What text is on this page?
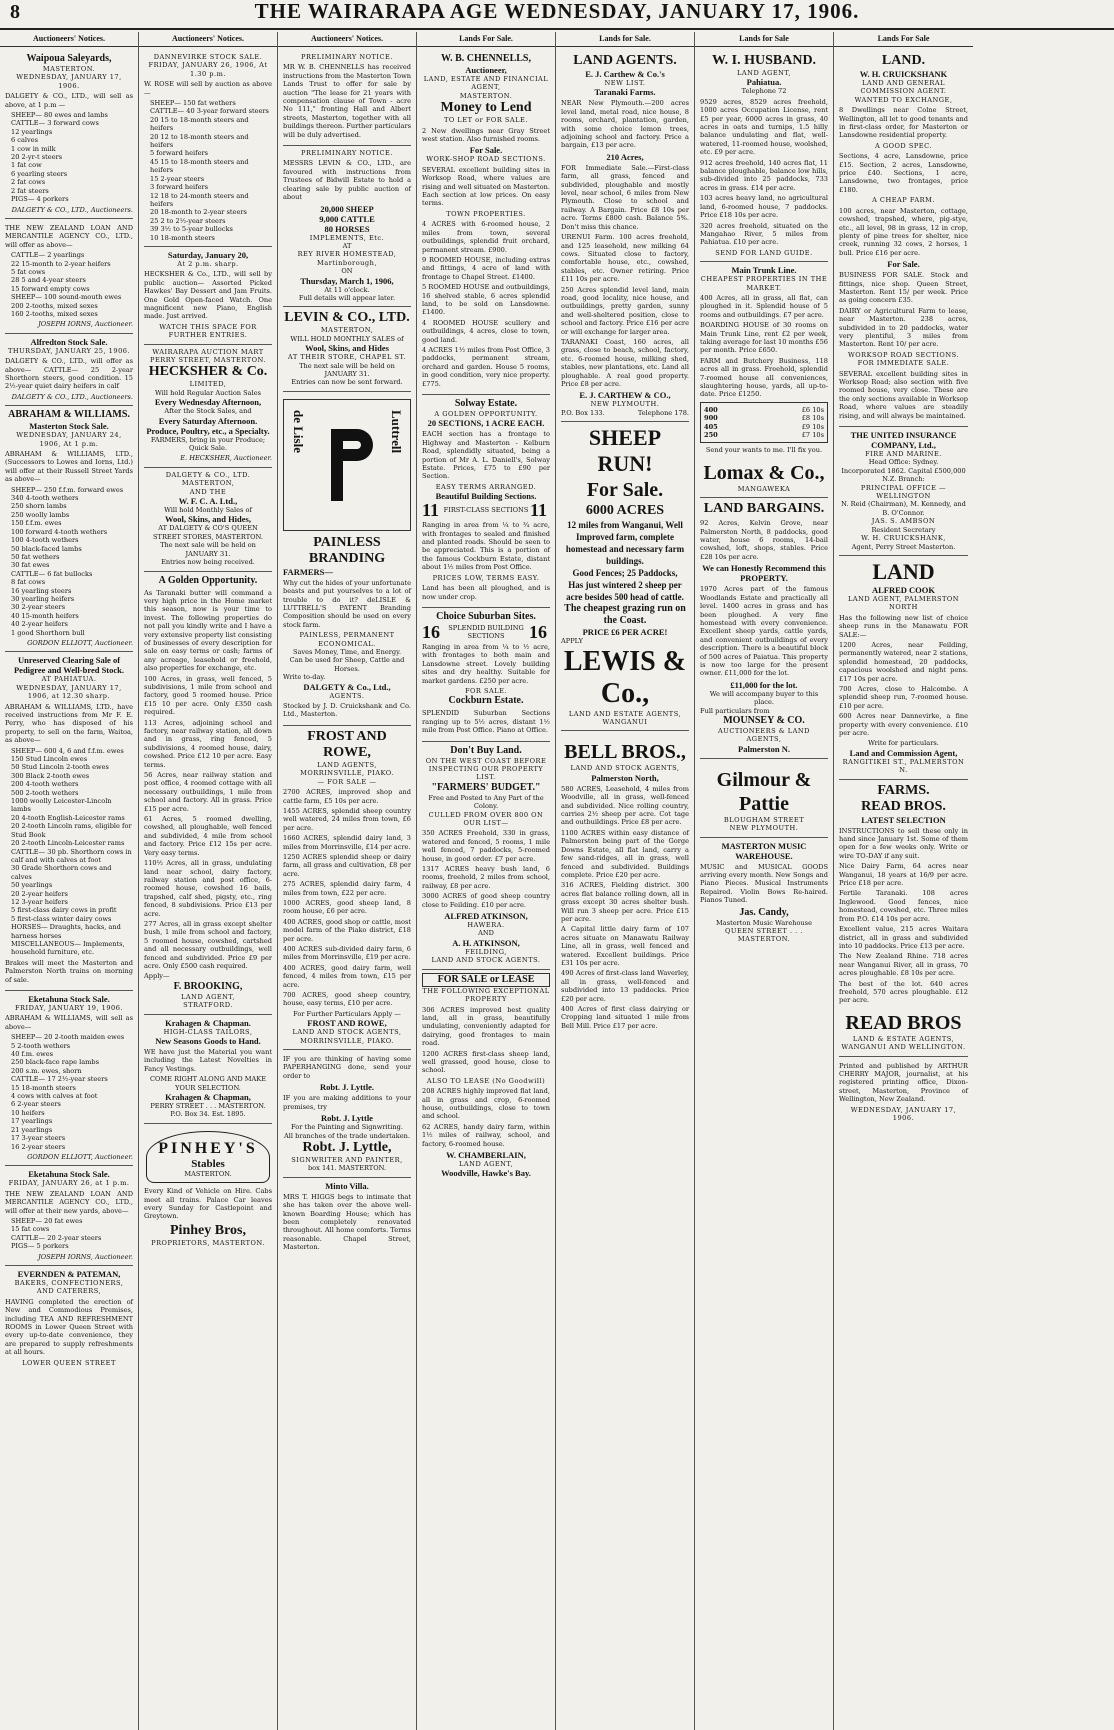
8	THE WAIRARAPA AGE WEDNESDAY, JANUARY 17, 1906.
Auctioneers' Notices.
Waipoua Saleyards,
MASTERTON.
WEDNESDAY, JANUARY 17, 1906.
DALGETY & CO., LTD., will sell as above, at 1 p.m —
SHEEP— 80 ewes and lambs
CATTLE— 3 forward cows
12 yearlings
6 calves
1 cow in milk
20 2-yr-t steers
1 fat cow
6 yearling steers
2 fat cows
2 fat steers
PIGS— 4 porkers
DALGETY & CO., LTD., Auctioneers.
THE NEW ZEALAND LOAN AND MERCANTILE AGENCY CO., LTD., will offer as above—
CATTLE— 2 yearlings
22 15-month to 2-year heifers
5 fat cows
28 5 and 4-year steers
15 forward empty cows
SHEEP— 100 sound-mouth ewes
200 2-tooths, mixed sexes
160 2-tooths, mixed sexes
JOSEPH IORNS, Auctioneer.
Alfredton Stock Sale.
THURSDAY, JANUARY 25, 1906.
DALGETY & CO., LTD., will offer as above— CATTLE— 25 2-year Shorthorn steers, good condition. 15 2½-year quiet dairy heifers in calf
DALGETY & CO., LTD., Auctioneers.
ABRAHAM & WILLIAMS.
Masterton Stock Sale.
WEDNESDAY, JANUARY 24, 1906, At 1 p.m.
ABRAHAM & WILLIAMS, LTD., (Successors to Lowes and Iorns, Ltd.) will offer at their Russell Street Yards as above—
SHEEP— 250 f.f.m. forward ewes
340 4-tooth wethers
250 shorn lambs
250 woolly lambs
150 f.f.m. ewes
100 forward 4-tooth wethers
100 4-tooth wethers
50 black-faced lambs
50 fat wethers
30 fat ewes
CATTLE— 6 fat bullocks
8 fat cows
16 yearling steers
30 yearling heifers
30 2-year steers
40 15-month heifers
40 2-year heifers
1 good Shorthorn bull
GORDON ELLIOTT, Auctioneer.
Unreserved Clearing Sale of Pedigree and Well-bred Stock.
AT PAHIATUA.
WEDNESDAY, JANUARY 17, 1906, at 12.30 sharp.
ABRAHAM & WILLIAMS, LTD., have received instructions from Mr F. E. Perry, who has disposed of his property, to sell on the farm, Waitoa, as above—
SHEEP— 600 4, 6 and f.f.m. ewes
150 Stud Lincoln ewes
50 Stud Lincoln 2-tooth ewes
300 Black 2-tooth ewes
200 4-tooth wethers
500 2-tooth wethers
1000 woolly Leicester-Lincoln lambs
20 4-tooth English-Leicester rams
20 2-tooth Lincoln rams, eligible for Stud Book
20 2-tooth Lincoln-Leicester rams
CATTLE— 30 pb. Shorthorn cows in calf and with calves at foot
30 Grade Shorthorn cows and calves
50 yearlings
20 2-year heifers
12 3-year heifers
5 first-class dairy cows in profit
5 first-class winter dairy cows
HORSES— Draughts, hacks, and harness horses
MISCELLANEOUS— Implements, household furniture, etc.
Brakes will meet the Masterton and Palmerston North trains on morning of sale.
Eketahuna Stock Sale.
FRIDAY, JANUARY 19, 1906.
ABRAHAM & WILLIAMS, will sell as above—
SHEEP— 20 2-tooth maiden ewes
5 2-tooth wethers
40 f.m. ewes
250 black-face rape lambs
200 s.m. ewes, shorn
CATTLE— 17 2½-year steers
15 18-month steers
4 cows with calves at foot
6 2-year steers
10 heifers
17 yearlings
21 yearlings
17 3-year steers
16 2-year steers
GORDON ELLIOTT, Auctioneer.
Eketahuna Stock Sale.
FRIDAY, JANUARY 26, at 1 p.m.
THE NEW ZEALAND LOAN AND MERCANTILE AGENCY CO., LTD., will offer at their new yards, above—
SHEEP— 20 fat ewes
15 fat cows
CATTLE— 20 2-year steers
PIGS— 5 porkers
JOSEPH IORNS, Auctioneer.
EVERNDEN & PATEMAN,
BAKERS, CONFECTIONERS, AND CATERERS,
HAVING completed the erection of New and Commodious Premises, including TEA AND REFRESHMENT ROOMS in Lower Queen Street with every up-to-date convenience, they are prepared to supply refreshments at all hours.
LOWER QUEEN STREET
Auctioneers' Notices.
DANNEVIRKE STOCK SALE.
FRIDAY, JANUARY 26, 1906, At 1.30 p.m.
W. ROSE will sell by auction as above—
SHEEP— 150 fat wethers
CATTLE— 40 3-year forward steers
20 15 to 18-month steers and heifers
20 12 to 18-month steers and heifers
5 forward heifers
45 15 to 18-month steers and heifers
15 2-year steers
3 forward heifers
12 18 to 24-month steers and heifers
20 18-month to 2-year steers
25 2 to 2½-year steers
39 3½ to 5-year bullocks
10 18-month steers
Saturday, January 20,
At 2 p.m. sharp.
HECKSHER & Co., LTD., will sell by public auction— Assorted Picked Hawkes' Bay Dessert and Jam Fruits. One Gold Open-faced Watch. One magnificent new Piano, English made. Just arrived.
WATCH THIS SPACE FOR FURTHER ENTRIES.
WAIRARAPA AUCTION MART
PERRY STREET, MASTERTON.
HECKSHER & Co.
LIMITED,
Will hold Regular Auction Sales
Every Wednesday Afternoon,
After the Stock Sales, and
Every Saturday Afternoon.
Produce, Poultry, etc., a Specialty.
FARMERS, bring in your Produce; Quick Sale.
E. HECKSHER, Auctioneer.
DALGETY & CO., LTD. MASTERTON,
AND THE
W. F. C. A. Ltd.,
Will hold Monthly Sales of
Wool, Skins, and Hides,
AT DALGETY & CO'S QUEEN STREET STORES, MASTERTON.
The next sale will be held on JANUARY 31.
Entries now being received.
A Golden Opportunity.
As Taranaki butter will command a very high price in the Home market this season, now is your time to invest. The following properties do not pall you kindly write and I have a very extensive property list consisting of businesses of every description for sale on easy terms or cash; farms of any acreage, leasehold or freehold, also properties for exchange, etc.
100 Acres, in grass, well fenced, 5 subdivisions, 1 mile from school and factory, good 5 roomed house. Price £15 10 per acre. Only £350 cash required.
113 Acres, adjoining school and factory, near railway station, all down and in grass, ring fenced, 5 subdivisions, 4 roomed house, dairy, cowshed. Price £12 10 per acre. Easy terms.
56 Acres, near railway station and post office, 4 roomed cottage with all necessary outbuildings, 1 mile from school and factory. All in grass. Price £15 per acre.
61 Acres, 5 roomed dwelling, cowshed, all ploughable, well fenced and subdivided, 4 mile from school and factory. Price £12 15s per acre. Very easy terms.
110½ Acres, all in grass, undulating land near school, dairy factory, railway station and post office, 6-roomed house, cowshed 16 bails, trapshed, calf shed, pigsty, etc., ring fenced, 8 subdivisions. Price £13 per acre.
277 Acres, all in grass except shelter bush, 1 mile from school and factory, 5 roomed house, cowshed, cartshed and all necessary outbuildings, well fenced and subdivided. Price £9 per acre. Only £500 cash required.
Apply—
F. BROOKING,
LAND AGENT,
STRATFORD.
Krahagen & Chapman.
HIGH-CLASS TAILORS,
New Seasons Goods to Hand.
WE have just the Material you want including the Latest Novelties in Fancy Vestings.
COME RIGHT ALONG AND MAKE YOUR SELECTION.
Krahagen & Chapman,
PERRY STREET . . . MASTERTON.
P.O. Box 34. Est. 1895.
PINHEY'S
Stables
MASTERTON.
Every Kind of Vehicle on Hire. Cabs meet all trains. Palace Car leaves every Sunday for Castlepoint and Greytown.
Pinhey Bros,
PROPRIETORS, MASTERTON.
Auctioneers' Notices.
PRELIMINARY NOTICE.
MR W. B. CHENNELLS has received instructions from the Masterton Town Lands Trust to offer for sale by auction "The lease for 21 years with compensation clause of Town - acre No 111," fronting Hall and Albert streets, Masterton, together with all buildings thereon. Further particulars will be duly advertised.
PRELIMINARY NOTICE.
MESSRS LEVIN & CO., LTD., are favoured with instructions from Trustees of Bidwill Estate to hold a clearing sale by public auction of about
20,000 SHEEP
9,000 CATTLE
80 HORSES
IMPLEMENTS, Etc.
AT
REY RIVER HOMESTEAD, Martinborough,
ON
Thursday, March 1, 1906,
At 11 o'clock.
Full details will appear later.
LEVIN & CO., LTD.
MASTERTON,
WILL HOLD MONTHLY SALES of
Wool, Skins, and Hides
AT THEIR STORE, CHAPEL ST.
The next sale will be held on JANUARY 31.
Entries can now be sent forward.
de Lisle	Luttrell
PAINLESS BRANDING
FARMERS—
Why cut the hides of your unfortunate beasts and put yourselves to a lot of trouble to do it? deLISLE & LUTTRELL'S PATENT Branding Composition should be used on every stock farm.
PAINLESS, PERMANENT ECONOMICAL.
Saves Money, Time, and Energy.
Can be used for Sheep, Cattle and Horses.
Write to-day.
DALGETY & Co., Ltd.,
AGENTS.
Stocked by J. D. Cruickshank and Co. Ltd., Masterton.
FROST AND ROWE,
LAND AGENTS,
MORRINSVILLE, PIAKO.
— FOR SALE —
2700 ACRES, improved shop and cattle farm, £5 10s per acre.
1455 ACRES, splendid sheep country well watered, 24 miles from town, £6 per acre.
1660 ACRES, splendid dairy land, 3 miles from Morrinsville, £14 per acre.
1250 ACRES splendid sheep or dairy farm, all grass and cultivation, £8 per acre.
275 ACRES, splendid dairy farm, 4 miles from town, £22 per acre.
1000 ACRES, good sheep land, 8 room house, £6 per acre.
400 ACRES, good shop or cattle, most model farm of the Piako district, £18 per acre.
400 ACRES sub-divided dairy farm, 6 miles from Morrinsville, £19 per acre.
400 ACRES, good dairy farm, well fenced, 4 miles from town, £15 per acre.
700 ACRES, good sheep country, house, easy terms, £10 per acre.
For Further Particulars Apply —
FROST AND ROWE,
LAND AND STOCK AGENTS,
MORRINSVILLE, PIAKO.
IF you are thinking of having some PAPERHANGING done, send your order to
Robt. J. Lyttle.
IF you are making additions to your premises, try
Robt. J. Lyttle
For the Painting and Signwriting.
All branches of the trade undertaken.
Robt. J. Lyttle,
SIGNWRITER AND PAINTER,
box 141. MASTERTON.
Minto Villa.
MRS T. HIGGS begs to intimate that she has taken over the above well-known Boarding House; which has been completely renovated throughout. All home comforts. Terms reasonable. Chapel Street, Masterton.
Lands For Sale.
W. B. CHENNELLS,
Auctioneer,
LAND, ESTATE AND FINANCIAL AGENT,
MASTERTON.
Money to Lend
TO LET or FOR SALE.
2 New dwellings near Gray Street west station. Also furnished rooms.
For Sale.
WORK-SHOP ROAD SECTIONS.
SEVERAL excellent building sites in Worksop Road, where values are rising and well situated on Masterton. Each section at low prices. On easy terms.
TOWN PROPERTIES.
4 ACRES with 6-roomed house, 2 miles from town, several outbuildings, splendid fruit orchard, permanent stream. £900.
9 ROOMED HOUSE, including extras and fittings, 4 acre of land with frontage to Chapel Street. £1400.
5 ROOMED HOUSE and outbuildings, 16 shelved stable, 6 acres splendid land, to be sold on Lansdowne. £1400.
4 ROOMED HOUSE scullery and outbuildings, 4 acres, close to town, good land.
4 ACRES 1½ miles from Post Office, 3 paddocks, permanent stream, orchard and garden. House 5 rooms, in good condition, very nice property. £775.
Solway Estate.
A GOLDEN OPPORTUNITY.
20 SECTIONS, 1 ACRE EACH.
EACH section has a frontage to Highway and Masterton - Kelburn Road, splendidly situated, being a portion of Mr A. L. Daniell's, Solway Estate. Prices, £75 to £90 per Section.
EASY TERMS ARRANGED.
Beautiful Building Sections.
11 FIRST-CLASS SECTIONS 11
Ranging in area from ¼ to ¾ acre, with frontages to sealed and finished and planted roads. Should be seen to be appreciated. This is a portion of the famous Cockburn Estate, distant about 1½ miles from Post Office.
PRICES LOW, TERMS EASY.
Land has been all ploughed, and is now under crop.
Choice Suburban Sites.
16	SPLENDID BUILDING SECTIONS	16
Ranging in area from ¼ to ½ acre, with frontages to both main and Lansdowne street. Lovely building sites and dry healthy. Suitable for market gardens. £250 per acre.
FOR SALE.
Cockburn Estate.
SPLENDID Suburban Sections ranging up to 5½ acres, distant 1½ mile from Post Office. Piano at Office.
Don't Buy Land.
ON THE WEST COAST BEFORE INSPECTING OUR PROPERTY LIST.
"FARMERS' BUDGET."
Free and Posted to Any Part of the Colony.
CULLED FROM OVER 800 ON OUR LIST—
350 ACRES Freehold, 330 in grass, watered and fenced, 5 rooms, 1 mile well fenced, 7 paddocks, 5-roomed house, in good order. £7 per acre.
1317 ACRES heavy bush land, 6 rooms, freehold, 2 miles from school, railway, £8 per acre.
3000 ACRES of good sheep country close to Feilding. £10 per acre.
ALFRED ATKINSON,
HAWERA.
AND
A. H. ATKINSON,
FEILDING,
LAND AND STOCK AGENTS.
FOR SALE or LEASE
THE FOLLOWING EXCEPTIONAL PROPERTY
306 ACRES improved best quality land, all in grass, beautifully undulating, conveniently adapted for dairying, good frontages to main road.
1200 ACRES first-class sheep land, well grassed, good house, close to school.
ALSO TO LEASE (No Goodwill)
208 ACRES highly improved flat land, all in grass and crop, 6-roomed house, outbuildings, close to town and school.
62 ACRES, handy dairy farm, within 1½ miles of railway, school, and factory, 6-roomed house.
W. CHAMBERLAIN,
LAND AGENT,
Woodville, Hawke's Bay.
Lands for Sale.
LAND AGENTS.
E. J. Carthew & Co.'s
NEW LIST.
Taranaki Farms.
NEAR New Plymouth.—200 acres level land, metal road, nice house, 8 rooms, orchard, plantation, garden, with some choice lemon trees, adjoining school and factory. Price a bargain, £13 per acre.
210 Acres,
FOR Immediate Sale.—First-class farm, all grass, fenced and subdivided, ploughable and mostly level, near school, 6 miles from New Plymouth. Close to school and railway. A Bargain. Price £8 10s per acre. Terms £800 cash. Balance 5%. Don't miss this chance.
URENUI Farm. 100 acres freehold, and 125 leasehold, new milking 64 cows. Situated close to factory, comfortable house, etc., cowshed, stables, etc. Owner retiring. Price £11 10s per acre.
250 Acres splendid level land, main road, good locality, nice house, and outbuildings, pretty garden, sunny and well-sheltered position, close to school and factory. Price £16 per acre or will exchange for larger area.
TARANAKI Coast, 160 acres, all grass, close to beach, school, factory, etc. 6-roomed house, milking shed, stables, new plantations, etc. Land all ploughable. A real good property. Price £8 per acre.
E. J. CARTHEW & CO.,
NEW PLYMOUTH.
P.O. Box 133.	Telephone 178.
SHEEP RUN!
For Sale.
6000 ACRES
12 miles from Wanganui, Well Improved farm, complete homestead and necessary farm buildings.
Good Fences; 25 Paddocks,
Has just wintered 2 sheep per acre besides 500 head of cattle.
The cheapest grazing run on the Coast.
PRICE £6 PER ACRE!
APPLY
LEWIS & Co.,
LAND AND ESTATE AGENTS,
WANGANUI
BELL BROS.,
LAND AND STOCK AGENTS,
Palmerston North,
580 ACRES, Leasehold, 4 miles from Woodville, all in grass, well-fenced and subdivided. Nice rolling country, carries 2½ sheep per acre. Cot tage and outbuildings. Price £8 per acre.
1100 ACRES within easy distance of Palmerston being part of the Gorge Downs Estate, all flat land, carry a few sand-ridges, all in grass, well fenced and subdivided. Buildings complete. Price £20 per acre.
316 ACRES, Fielding district. 300 acres flat balance rolling down, all in grass except 30 acres shelter bush. Will run 3 sheep per acre. Price £15 per acre.
A Capital little dairy farm of 107 acres situate on Manawatu Railway Line, all in grass, well fenced and watered. Excellent buildings. Price £31 10s per acre.
490 Acres of first-class land Waverley, all in grass, well-fenced and subdivided into 13 paddocks. Price £20 per acre.
400 Acres of first class dairying or Cropping land situated 1 mile from Bell Mill. Price £17 per acre.
Lands for Sale
W. I. HUSBAND.
LAND AGENT,
Pahiatua.
Telephone 72
9529 acres, 8529 acres freehold, 1000 acres Occupation License, rent £5 per year, 6000 acres in grass, 40 acres in oats and turnips, 1.5 hilly balance undulating and flat, well-watered, 11-roomed house, woolshed, etc. £9 per acre.
912 acres freehold, 140 acres flat, 11 balance ploughable, balance low hills, sub-divided into 25 paddocks, 733 acres in grass. £14 per acre.
103 acres heavy land, no agricultural land, 6-roomed house, 7 paddocks. Price £18 10s per acre.
320 acres freehold, situated on the Mangahao River, 5 miles from Pahiatua. £10 per acre.
SEND FOR LAND GUIDE.
Main Trunk Line.
CHEAPEST PROPERTIES IN THE MARKET.
400 Acres, all in grass, all flat, can ploughed in it. Splendid house of 5 rooms and outbuildings. £7 per acre.
BOARDING HOUSE of 30 rooms on Main Trunk Line, rent £2 per week, taking average for last 10 months £56 per month. Price £650.
FARM and Butchery Business, 118 acres all in grass. Freehold, splendid 7-roomed house all conveniences, slaughtering house, yards, all up-to-date. Price £1250.
400	£6 10s
900	£8 10s
405	£9 10s
250	£7 10s
Send your wants to me. I'll fix you.
Lomax & Co.,
MANGAWEKA
LAND BARGAINS.
92 Acres, Kelvin Grove, near Palmerston North, 8 paddocks, good water, house 6 rooms, 14-bail cowshed, loft, shops, stables. Price £28 10s per acre.
We can Honestly Recommend this PROPERTY.
1970 Acres part of the famous Woodlands Estate and practically all level. 1400 acres in grass and has been ploughed. A very fine homestead with every convenience. Excellent sheep yards, cattle yards, and convenient outbuildings of every description. There is a beautiful block of 500 acres of Paiatua. This property is now too large for the present owner. £11,000 for the lot.
£11,000 for the lot.
We will accompany buyer to this place.
Full particulars from
MOUNSEY & CO.
AUCTIONEERS & LAND AGENTS,
Palmerston N.
Gilmour & Pattie
BLOUGHAM STREET
NEW PLYMOUTH.
MASTERTON MUSIC WAREHOUSE.
MUSIC and MUSICAL GOODS arriving every month. New Songs and Piano Pieces. Musical Instruments Repaired. Violin Bows Re-haired. Pianos Tuned.
Jas. Candy,
Masterton Music Warehouse
QUEEN STREET . . . MASTERTON.
Lands For Sale
LAND.
W. H. CRUICKSHANK
LAND AND GENERAL COMMISSION AGENT.
WANTED TO EXCHANGE,
8 Dwellings near Colne Street, Wellington, all let to good tenants and in first-class order, for Masterton or Lansdowne residential property.
A GOOD SPEC.
Sections, 4 acre, Lansdowne, price £15. Section, 2 acres, Lansdowne, price £40. Sections, 1 acre, Lansdowne, two frontages, price £180.
A CHEAP FARM.
100 acres, near Masterton, cottage, cowshed, trapshed, where, pig-stye, etc., all level, 98 in grass, 12 in crop, plenty of pine trees for shelter, nice creek, running 32 cows, 2 horses, 1 bull. Price £16 per acre.
For Sale.
BUSINESS FOR SALE. Stock and fittings, nice shop. Queen Street, Masterton. Rent 15/ per week. Price as going concern £35.
DAIRY or Agricultural Farm to lease, near Masterton. 238 acres, subdivided in to 20 paddocks, water very plentiful, 3 miles from Masterton. Rent 10/ per acre.
WORKSOP ROAD SECTIONS.
FOR IMMEDIATE SALE.
SEVERAL excellent building sites in Worksop Road; also section with five roomed house, very close. These are the only sections available in Worksop Road, where values are steadily rising, and will always be maintained.
THE UNITED INSURANCE COMPANY, Ltd.,
FIRE AND MARINE.
Head Office: Sydney.
Incorporated 1862. Capital £500,000
N.Z. Branch:
PRINCIPAL OFFICE — WELLINGTON
N. Reid (Chairman), M. Kennedy, and B. O'Connor.
JAS. S. AMBSON
Resident Secretary
W. H. CRUICKSHANK,
Agent, Perry Street Masterton.
LAND
ALFRED COOK
LAND AGENT, PALMERSTON NORTH
Has the following new list of choice sheep runs in the Manawatu FOR SALE:—
1200 Acres, near Feilding, permanently watered, near 2 stations, splendid homestead, 20 paddocks, capacious woolshed and night pens. £17 10s per acre.
700 Acres, close to Halcombe. A splendid sheep run, 7-roomed house. £10 per acre.
600 Acres near Dannevirke, a fine property with every convenience. £10 per acre.
Write for particulars.
Land and Commission Agent,
RANGITIKEI ST., PALMERSTON N.
FARMS.
READ BROS.
LATEST SELECTION
INSTRUCTIONS to sell these only in hand since January 1st. Some of them open for a few weeks only. Write or wire TO-DAY if any suit.
Nice Dairy Farm, 64 acres near Wanganui, 18 years at 16/9 per acre. Price £18 per acre.
Fertile Taranaki. 108 acres Inglewood. Good fences, nice homestead, cowshed, etc. Three miles from P.O. £14 10s per acre.
Excellent value, 215 acres Waitara district, all in grass and subdivided into 10 paddocks. Price £13 per acre.
The New Zealand Rhine. 718 acres near Wanganui River, all in grass, 70 acres ploughable. £8 10s per acre.
The best of the lot. 640 acres freehold, 570 acres ploughable. £12 per acre.
READ BROS
LAND & ESTATE AGENTS,
WANGANUI AND WELLINGTON.
Printed and published by ARTHUR CHERRY MAJOR, journalist, at his registered printing office, Dixon-street, Masterton, Province of Wellington, New Zealand.
WEDNESDAY, JANUARY 17, 1906.
